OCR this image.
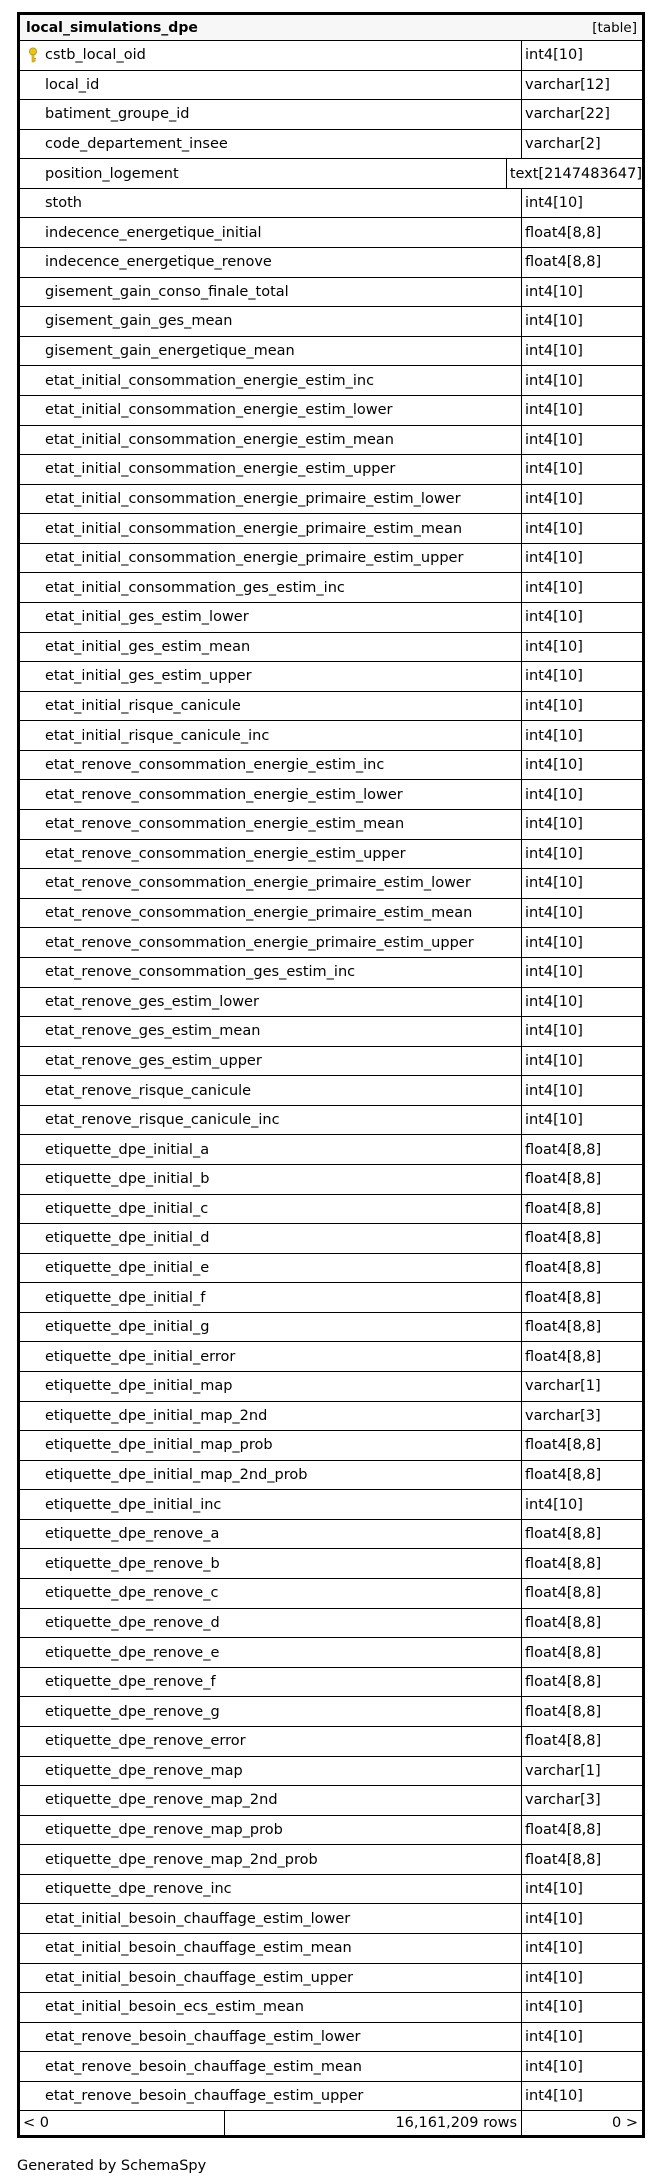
local_simulations_dpe	[table]
cstb_local_oid	int4[10]
local_id	varchar[12]
batiment_groupe_id	varchar[22]
code_departement_insee	varchar[2]
position_logement	text[2147483647]
stoth	int4[10]
indecence_energetique_initial	float4[8,8]
indecence_energetique_renove	float4[8,8]
gisement_gain_conso_finale_total	int4[10]
gisement_gain_ges_mean	int4[10]
gisement_gain_energetique_mean	int4[10]
etat_initial_consommation_energie_estim_inc	int4[10]
etat_initial_consommation_energie_estim_lower	int4[10]
etat_initial_consommation_energie_estim_mean	int4[10]
etat_initial_consommation_energie_estim_upper	int4[10]
etat_initial_consommation_energie_primaire_estim_lower	int4[10]
etat_initial_consommation_energie_primaire_estim_mean	int4[10]
etat_initial_consommation_energie_primaire_estim_upper	int4[10]
etat_initial_consommation_ges_estim_inc	int4[10]
etat_initial_ges_estim_lower	int4[10]
etat_initial_ges_estim_mean	int4[10]
etat_initial_ges_estim_upper	int4[10]
etat_initial_risque_canicule	int4[10]
etat_initial_risque_canicule_inc	int4[10]
etat_renove_consommation_energie_estim_inc	int4[10]
etat_renove_consommation_energie_estim_lower	int4[10]
etat_renove_consommation_energie_estim_mean	int4[10]
etat_renove_consommation_energie_estim_upper	int4[10]
etat_renove_consommation_energie_primaire_estim_lower	int4[10]
etat_renove_consommation_energie_primaire_estim_mean	int4[10]
etat_renove_consommation_energie_primaire_estim_upper	int4[10]
etat_renove_consommation_ges_estim_inc	int4[10]
etat_renove_ges_estim_lower	int4[10]
etat_renove_ges_estim_mean	int4[10]
etat_renove_ges_estim_upper	int4[10]
etat_renove_risque_canicule	int4[10]
etat_renove_risque_canicule_inc	int4[10]
etiquette_dpe_initial_a	float4[8,8]
etiquette_dpe_initial_b	float4[8,8]
etiquette_dpe_initial_c	float4[8,8]
etiquette_dpe_initial_d	float4[8,8]
etiquette_dpe_initial_e	float4[8,8]
etiquette_dpe_initial_f	float4[8,8]
etiquette_dpe_initial_g	float4[8,8]
etiquette_dpe_initial_error	float4[8,8]
etiquette_dpe_initial_map	varchar[1]
etiquette_dpe_initial_map_2nd	varchar[3]
etiquette_dpe_initial_map_prob	float4[8,8]
etiquette_dpe_initial_map_2nd_prob	float4[8,8]
etiquette_dpe_initial_inc	int4[10]
etiquette_dpe_renove_a	float4[8,8]
etiquette_dpe_renove_b	float4[8,8]
etiquette_dpe_renove_c	float4[8,8]
etiquette_dpe_renove_d	float4[8,8]
etiquette_dpe_renove_e	float4[8,8]
etiquette_dpe_renove_f	float4[8,8]
etiquette_dpe_renove_g	float4[8,8]
etiquette_dpe_renove_error	float4[8,8]
etiquette_dpe_renove_map	varchar[1]
etiquette_dpe_renove_map_2nd	varchar[3]
etiquette_dpe_renove_map_prob	float4[8,8]
etiquette_dpe_renove_map_2nd_prob	float4[8,8]
etiquette_dpe_renove_inc	int4[10]
etat_initial_besoin_chauffage_estim_lower	int4[10]
etat_initial_besoin_chauffage_estim_mean	int4[10]
etat_initial_besoin_chauffage_estim_upper	int4[10]
etat_initial_besoin_ecs_estim_mean	int4[10]
etat_renove_besoin_chauffage_estim_lower	int4[10]
etat_renove_besoin_chauffage_estim_mean	int4[10]
etat_renove_besoin_chauffage_estim_upper	int4[10]
< 0	16,161,209 rows	0 >
Generated by SchemaSpy
